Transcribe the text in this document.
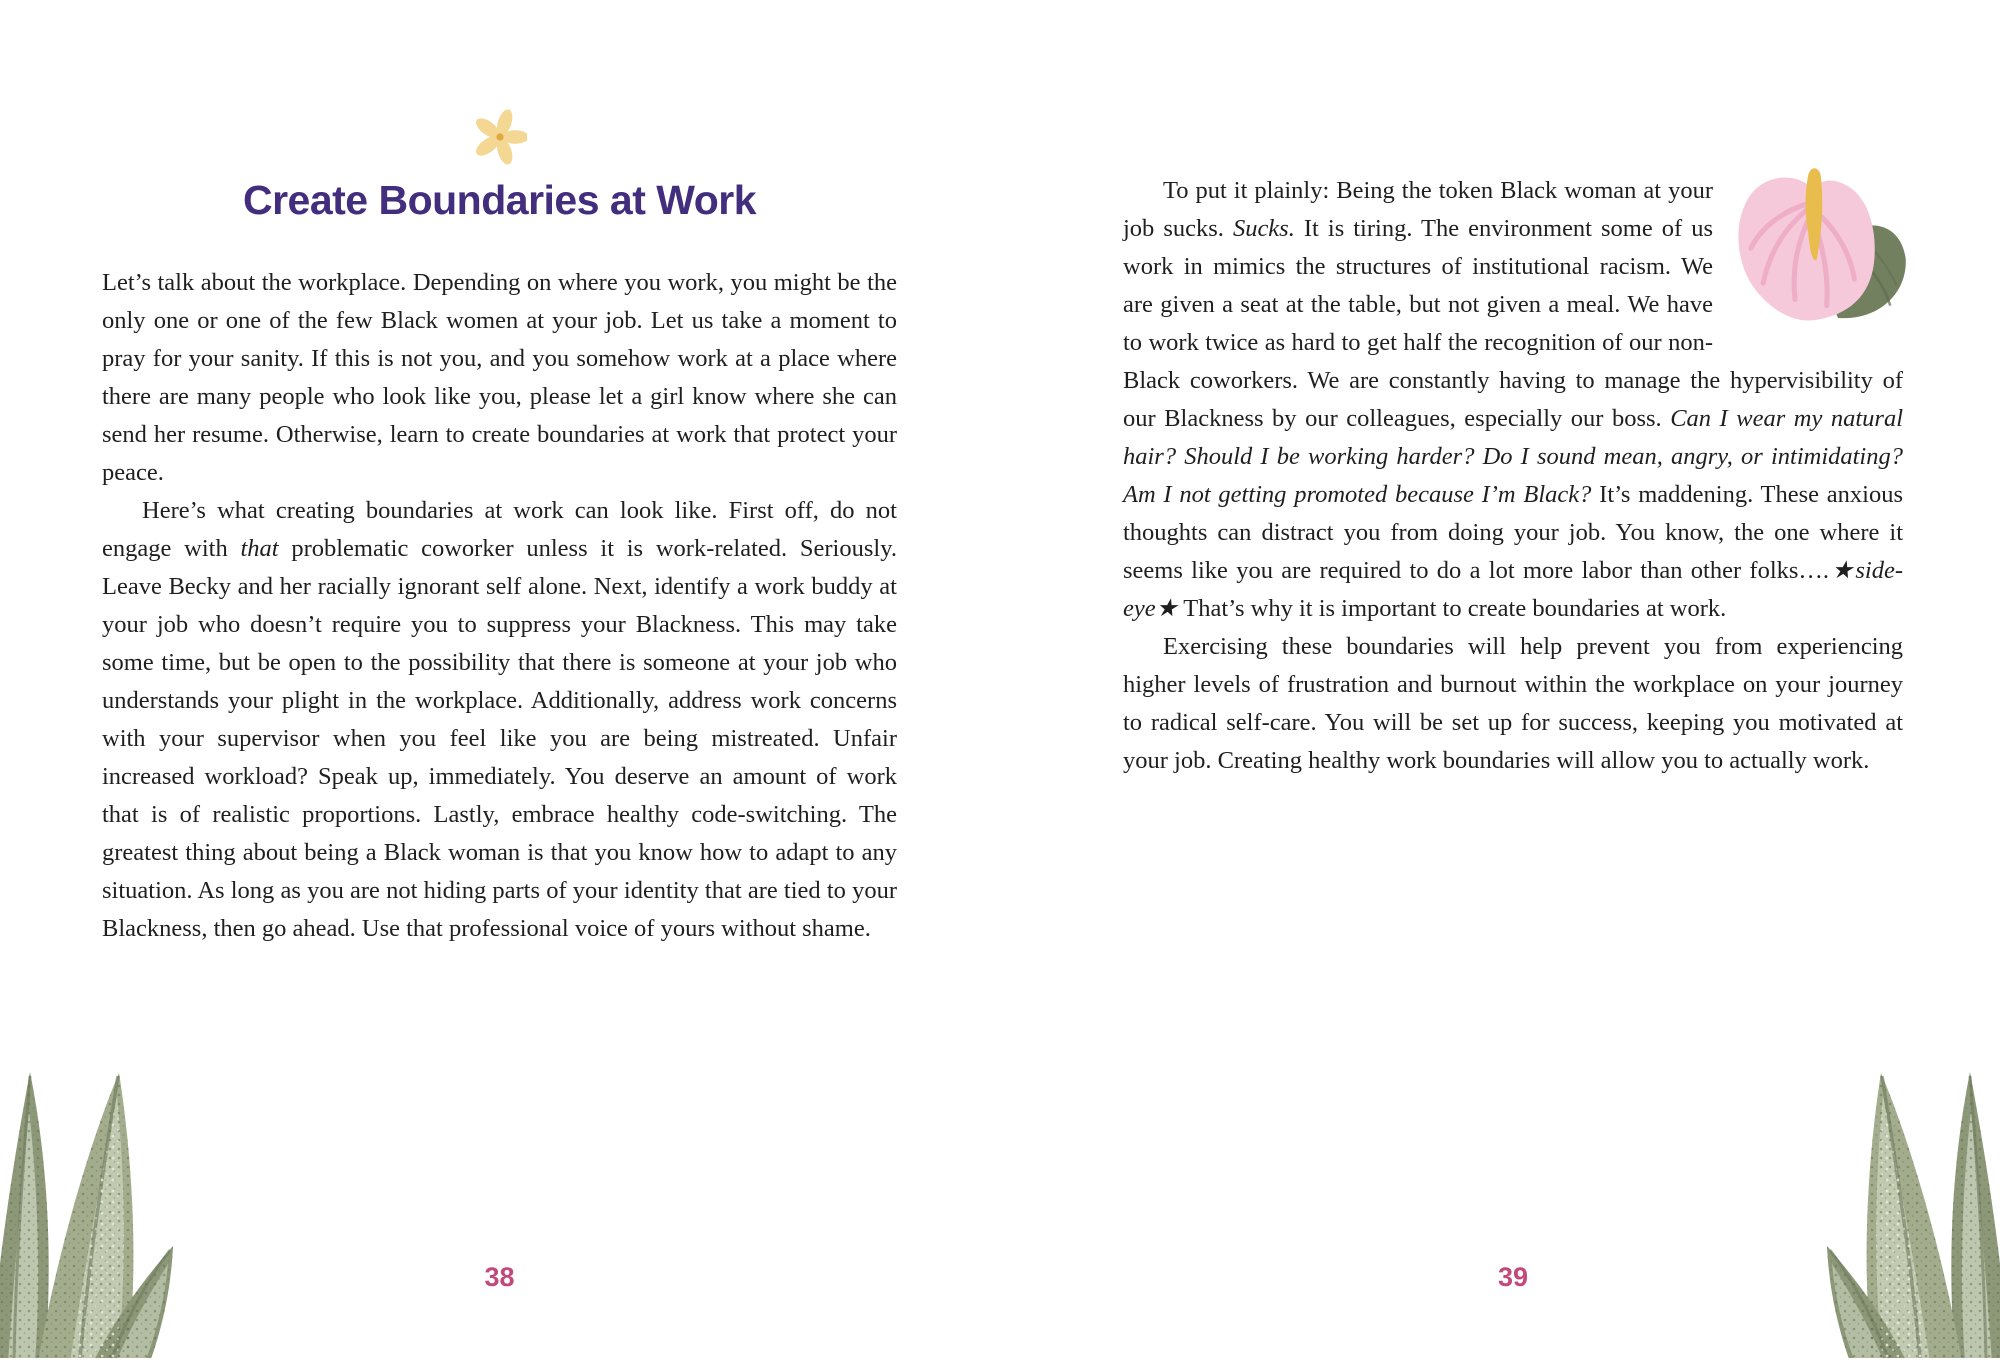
Create Boundaries at Work

Let’s talk about the workplace. Depending on where you work, you might be the only one or one of the few Black women at your job. Let us take a moment to pray for your sanity. If this is not you, and you somehow work at a place where there are many people who look like you, please let a girl know where she can send her resume. Otherwise, learn to create boundaries at work that protect your peace.

Here’s what creating boundaries at work can look like. First off, do not engage with that problematic coworker unless it is work-related. Seriously. Leave Becky and her racially ignorant self alone. Next, identify a work buddy at your job who doesn’t require you to suppress your Blackness. This may take some time, but be open to the possibility that there is someone at your job who understands your plight in the workplace. Additionally, address work concerns with your supervisor when you feel like you are being mistreated. Unfair increased workload? Speak up, immediately. You deserve an amount of work that is of realistic proportions. Lastly, embrace healthy code-switching. The greatest thing about being a Black woman is that you know how to adapt to any situation. As long as you are not hiding parts of your identity that are tied to your Blackness, then go ahead. Use that professional voice of yours without shame.

38

To put it plainly: Being the token Black woman at your job sucks. Sucks. It is tiring. The environment some of us work in mimics the structures of institutional racism. We are given a seat at the table, but not given a meal. We have to work twice as hard to get half the recognition of our non-Black coworkers. We are constantly having to manage the hypervisibility of our Blackness by our colleagues, especially our boss. Can I wear my natural hair? Should I be working harder? Do I sound mean, angry, or intimidating? Am I not getting promoted because I’m Black? It’s maddening. These anxious thoughts can distract you from doing your job. You know, the one where it seems like you are required to do a lot more labor than other folks….★side-eye★ That’s why it is important to create boundaries at work.

Exercising these boundaries will help prevent you from experiencing higher levels of frustration and burnout within the workplace on your journey to radical self-care. You will be set up for success, keeping you motivated at your job. Creating healthy work boundaries will allow you to actually work.

39
